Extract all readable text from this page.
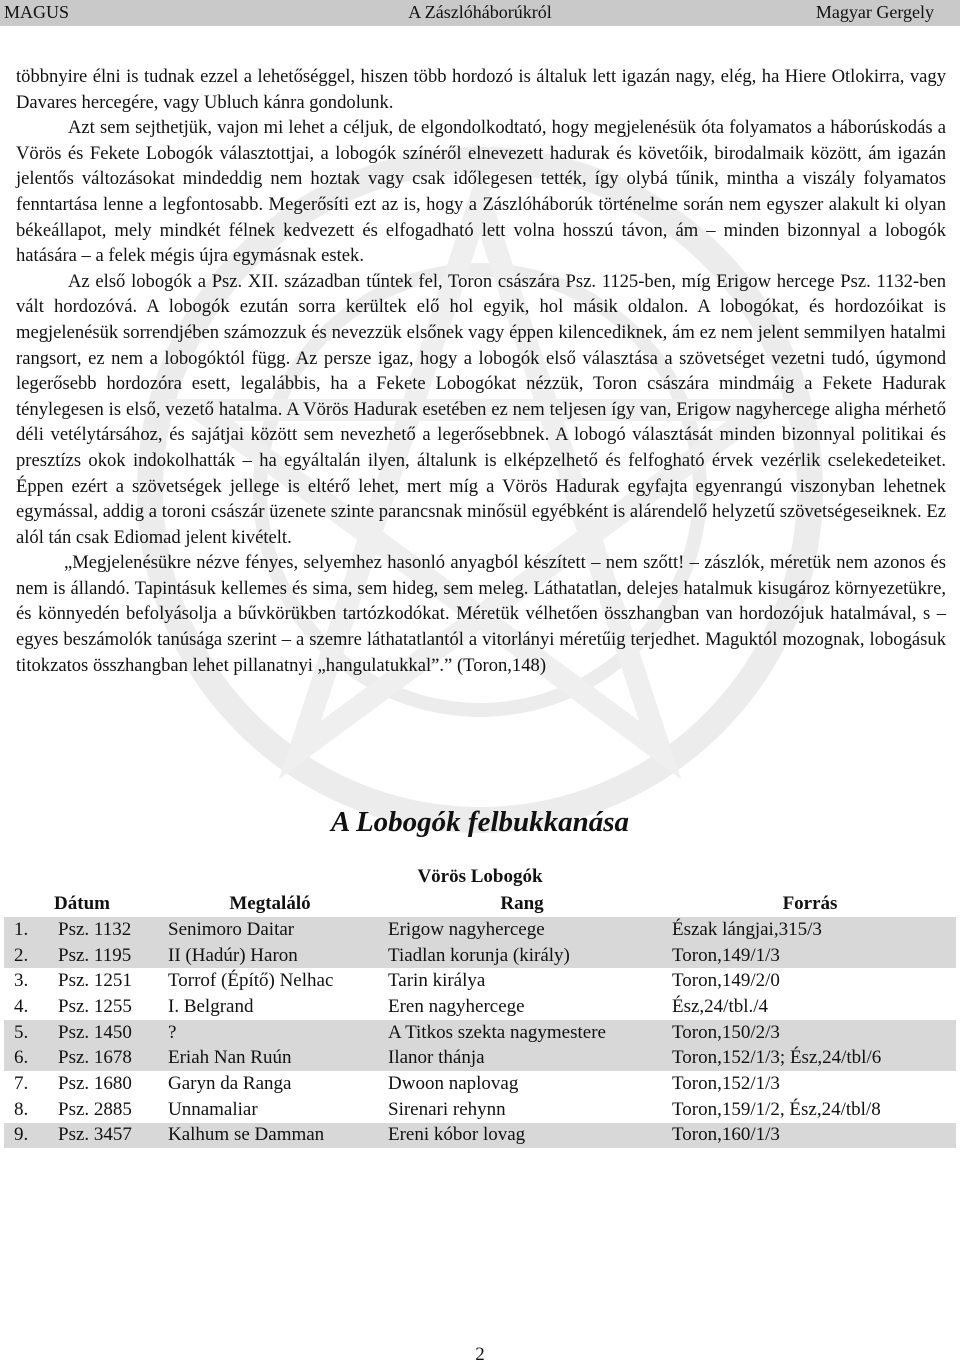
MAGUS	A Zászlóháborúkról	Magyar Gergely

többnyire élni is tudnak ezzel a lehetőséggel, hiszen több hordozó is általuk lett igazán nagy, elég, ha Hiere Otlokirra, vagy Davares hercegére, vagy Ubluch kánra gondolunk.

Azt sem sejthetjük, vajon mi lehet a céljuk, de elgondolkodtató, hogy megjelenésük óta folyamatos a háborúskodás a Vörös és Fekete Lobogók választottjai, a lobogók színéről elnevezett hadurak és követőik, birodalmaik között, ám igazán jelentős változásokat mindeddig nem hoztak vagy csak időlegesen tették, így olybá tűnik, mintha a viszály folyamatos fenntartása lenne a legfontosabb. Megerősíti ezt az is, hogy a Zászlóháborúk történelme során nem egyszer alakult ki olyan békeállapot, mely mindkét félnek kedvezett és elfogadható lett volna hosszú távon, ám – minden bizonnyal a lobogók hatására – a felek mégis újra egymásnak estek.

Az első lobogók a Psz. XII. században tűntek fel, Toron császára Psz. 1125-ben, míg Erigow hercege Psz. 1132-ben vált hordozóvá. A lobogók ezután sorra kerültek elő hol egyik, hol másik oldalon. A lobogókat, és hordozóikat is megjelenésük sorrendjében számozzuk és nevezzük elsőnek vagy éppen kilencediknek, ám ez nem jelent semmilyen hatalmi rangsort, ez nem a lobogóktól függ. Az persze igaz, hogy a lobogók első választása a szövetséget vezetni tudó, úgymond legerősebb hordozóra esett, legalábbis, ha a Fekete Lobogókat nézzük, Toron császára mindmáig a Fekete Hadurak ténylegesen is első, vezető hatalma. A Vörös Hadurak esetében ez nem teljesen így van, Erigow nagyhercege aligha mérhető déli vetélytársához, és sajátjai között sem nevezhető a legerősebbnek. A lobogó választását minden bizonnyal politikai és presztízs okok indokolhatták – ha egyáltalán ilyen, általunk is elképzelhető és felfogható érvek vezérlik cselekedeteiket. Éppen ezért a szövetségek jellege is eltérő lehet, mert míg a Vörös Hadurak egyfajta egyenrangú viszonyban lehetnek egymással, addig a toroni császár üzenete szinte parancsnak minősül egyébként is alárendelő helyzetű szövetségeseiknek. Ez alól tán csak Ediomad jelent kivételt.

„Megjelenésükre nézve fényes, selyemhez hasonló anyagból készített – nem szőtt! – zászlók, méretük nem azonos és nem is állandó. Tapintásuk kellemes és sima, sem hideg, sem meleg. Láthatatlan, delejes hatalmuk kisugároz környezetükre, és könnyedén befolyásolja a bűvkörükben tartózkodókat. Méretük vélhetően összhangban van hordozójuk hatalmával, s – egyes beszámolók tanúsága szerint – a szemre láthatatlantól a vitorlányi méretűig terjedhet. Maguktól mozognak, lobogásuk titokzatos összhangban lehet pillanatnyi „hangulatukkal”.” (Toron,148)

A Lobogók felbukkanása
Vörös Lobogók
Dátum		Megtaláló	Rang	Forrás
1.	Psz. 1132	Senimoro Daitar	Erigow nagyhercege	Észak lángjai,315/3
2.	Psz. 1195	II (Hadúr) Haron	Tiadlan korunja (király)	Toron,149/1/3
3.	Psz. 1251	Torrof (Építő) Nelhac	Tarin királya	Toron,149/2/0
4.	Psz. 1255	I. Belgrand	Eren nagyhercege	Ész,24/tbl./4
5.	Psz. 1450	?	A Titkos szekta nagymestere	Toron,150/2/3
6.	Psz. 1678	Eriah Nan Ruún	Ilanor thánja	Toron,152/1/3; Ész,24/tbl/6
7.	Psz. 1680	Garyn da Ranga	Dwoon naplovag	Toron,152/1/3
8.	Psz. 2885	Unnamaliar	Sirenari rehynn	Toron,159/1/2, Ész,24/tbl/8
9.	Psz. 3457	Kalhum se Damman	Ereni kóbor lovag	Toron,160/1/3
2
